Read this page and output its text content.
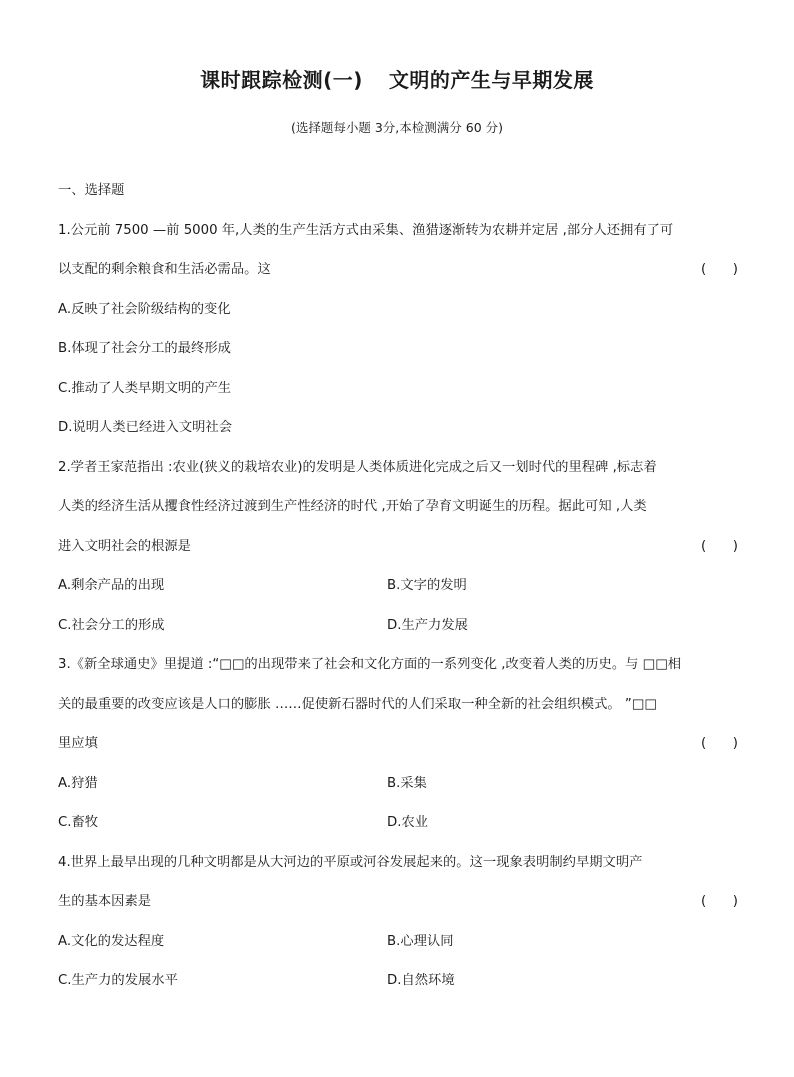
课时跟踪检测(一) 文明的产生与早期发展
(选择题每小题 3分,本检测满分 60 分)
一、选择题
1.公元前 7500 —前 5000 年,人类的生产生活方式由采集、渔猎逐渐转为农耕并定居 ,部分人还拥有了可
以支配的剩余粮食和生活必需品。这	(　　)
A.反映了社会阶级结构的变化
B.体现了社会分工的最终形成
C.推动了人类早期文明的产生
D.说明人类已经进入文明社会
2.学者王家范指出 :农业(狭义的栽培农业)的发明是人类体质进化完成之后又一划时代的里程碑 ,标志着
人类的经济生活从攫食性经济过渡到生产性经济的时代 ,开始了孕育文明诞生的历程。据此可知 ,人类
进入文明社会的根源是	(　　)
A.剩余产品的出现	B.文字的发明
C.社会分工的形成	D.生产力发展
3.《新全球通史》里提道 :“□□的出现带来了社会和文化方面的一系列变化 ,改变着人类的历史。与 □□相
关的最重要的改变应该是人口的膨胀 ……促使新石器时代的人们采取一种全新的社会组织模式。 ”□□
里应填	(　　)
A.狩猎	B.采集
C.畜牧	D.农业
4.世界上最早出现的几种文明都是从大河边的平原或河谷发展起来的。这一现象表明制约早期文明产
生的基本因素是	(　　)
A.文化的发达程度	B.心理认同
C.生产力的发展水平	D.自然环境
